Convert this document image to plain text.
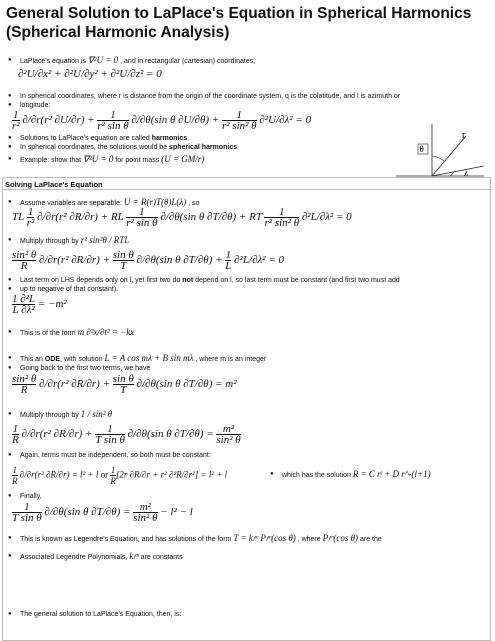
General Solution to LaPlace's Equation in Spherical Harmonics (Spherical Harmonic Analysis)
● LaPlace's equation is ∇²U = 0 , and in rectangular (cartesian) coordinates,
∂²U/∂x² + ∂²U/∂y² + ∂²U/∂z² = 0
● In spherical coordinates, where r is distance from the origin of the coordinate system, q is the colatitude, and l is azimuth or
● longitude:
$\frac{1}{\text{r²}} \partial/\partial r(r^2$ $\partial U/\partial r) + \frac{1}{\text{r² sin θ}} \partial/\partial\theta(\sin$ θ $\partial U/\partial\theta) + \frac{1}{\text{r² sin² θ}} \partial^2U/\partial\lambda^2 = 0$
● Solutions to LaPlace's equation are called harmonics
● In spherical coordinates, the solutions would be spherical harmonics
● Example: show that ∇²U = 0 for point mass (U = GM/r)
θ
r
λ
Solving LaPlace's Equation
● Assume variables are separable: U = R(r)T(θ)L(λ) , so
TL $\frac{1}{\text{r²}} \partial/\partial r(r^2$ ∂R/∂r) + RL $\frac{1}{\text{r² sin θ}} \partial/\partial\theta(\sin$ θ ∂T/∂θ) + RT $\frac{1}{\text{r² sin² θ}} \partial^2L/\partial\lambda^2 = 0$
● Multiply through by r² sin²θ / RTL
$\frac{\text{sin² θ}}{R} \partial/\partial r(r^2$ $\partial R/\partial r) + \frac{\text{sin θ}}{T} \partial/\partial\theta(\sin$ θ $\partial T/\partial\theta) + \frac{1}{L} \partial^2L/\partial\lambda^2 = 0$
● Last term on LHS depends only on l, yet first two do not depend on l, so last term must be constant (and first two must add
● up to negative of that constant).
$\frac{\text{1 ∂²L}}{\text{L ∂λ²}} = -m^2$
● This is of the form m ∂²x/∂t² = −kx
● This an ODE, with solution L = A cos mλ + B sin mλ , where m is an integer
● Going back to the first two terms, we have
$\frac{\text{sin² θ}}{R} \partial/\partial r(r^2$ $\partial R/\partial r) + \frac{\text{sin θ}}{T} \partial/\partial\theta(\sin$ θ ∂T/∂θ) = m²
● Multiply through by 1 / sin² θ
$\frac{1}{R} \partial/\partial r(r^2$ $\partial R/\partial r) + \frac{1}{\text{T sin θ}} \partial/\partial\theta(\sin$ θ $\partial T/\partial\theta) = \frac{\text{m²}}{\text{sin² θ}}$
● Again, terms must be independent, so both must be constant:
$\frac{1}{R} \partial/\partial r(r^2$ ∂R/∂r) = l² + l or $\frac{1}{R} [2r$ ∂R/∂r + r² ∂²R/∂r²] = l² + l
●	which has the solution R = C rˡ + D r^-(l+1)
● Finally,
$\frac{1}{\text{T sin θ}} \partial/\partial\theta(\sin$ θ $\partial T/\partial\theta) = \frac{\text{m²}}{\text{sin² θ}} - l^2 - l$
● This is known as Legendre's Equation, and has solutions of the form T = kₗᵐ Pₗᵐ(cos θ) , where Pₗᵐ(cos θ) are the
● Associated Legendre Polynomials, kₗᵐ are constants
● The general solution to LaPlace's Equation, then, is:
